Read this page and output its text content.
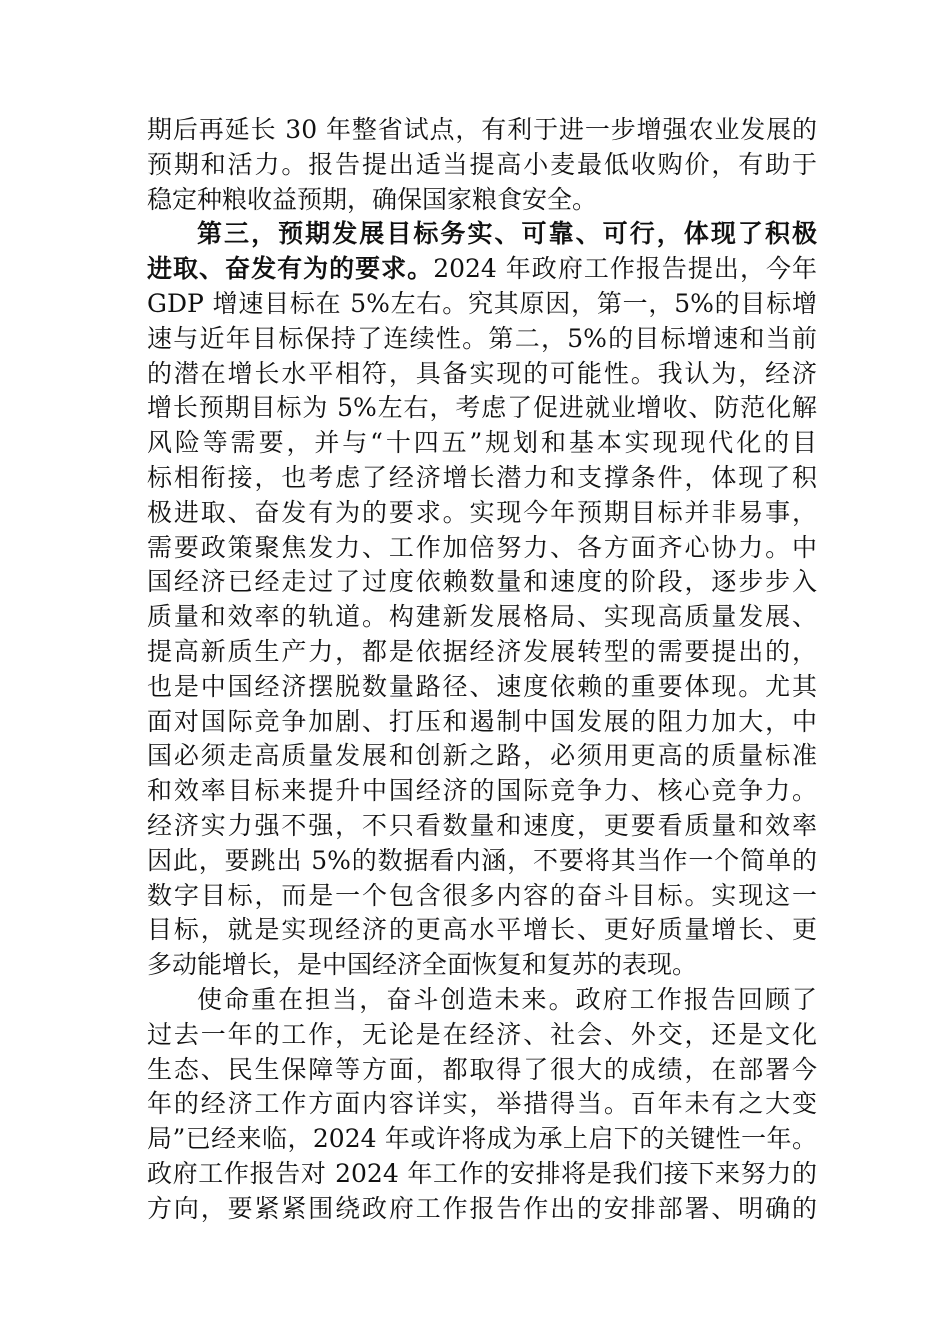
期后再延长 30 年整省试点，有利于进一步增强农业发展的
预期和活力。报告提出适当提高小麦最低收购价，有助于
稳定种粮收益预期，确保国家粮食安全。
第三，预期发展目标务实、可靠、可行，体现了积极
进取、奋发有为的要求。2024 年政府工作报告提出，今年
GDP 增速目标在 5%左右。究其原因，第一，5%的目标增
速与近年目标保持了连续性。第二，5%的目标增速和当前
的潜在增长水平相符，具备实现的可能性。我认为，经济
增长预期目标为 5%左右，考虑了促进就业增收、防范化解
风险等需要，并与“十四五”规划和基本实现现代化的目
标相衔接，也考虑了经济增长潜力和支撑条件，体现了积
极进取、奋发有为的要求。实现今年预期目标并非易事，
需要政策聚焦发力、工作加倍努力、各方面齐心协力。中
国经济已经走过了过度依赖数量和速度的阶段，逐步步入
质量和效率的轨道。构建新发展格局、实现高质量发展、
提高新质生产力，都是依据经济发展转型的需要提出的，
也是中国经济摆脱数量路径、速度依赖的重要体现。尤其
面对国际竞争加剧、打压和遏制中国发展的阻力加大，中
国必须走高质量发展和创新之路，必须用更高的质量标准
和效率目标来提升中国经济的国际竞争力、核心竞争力。
经济实力强不强，不只看数量和速度，更要看质量和效率
因此，要跳出 5%的数据看内涵，不要将其当作一个简单的
数字目标，而是一个包含很多内容的奋斗目标。实现这一
目标，就是实现经济的更高水平增长、更好质量增长、更
多动能增长，是中国经济全面恢复和复苏的表现。
使命重在担当，奋斗创造未来。政府工作报告回顾了
过去一年的工作，无论是在经济、社会、外交，还是文化
生态、民生保障等方面，都取得了很大的成绩，在部署今
年的经济工作方面内容详实，举措得当。百年未有之大变
局”已经来临，2024 年或许将成为承上启下的关键性一年。
政府工作报告对 2024 年工作的安排将是我们接下来努力的
方向，要紧紧围绕政府工作报告作出的安排部署、明确的
